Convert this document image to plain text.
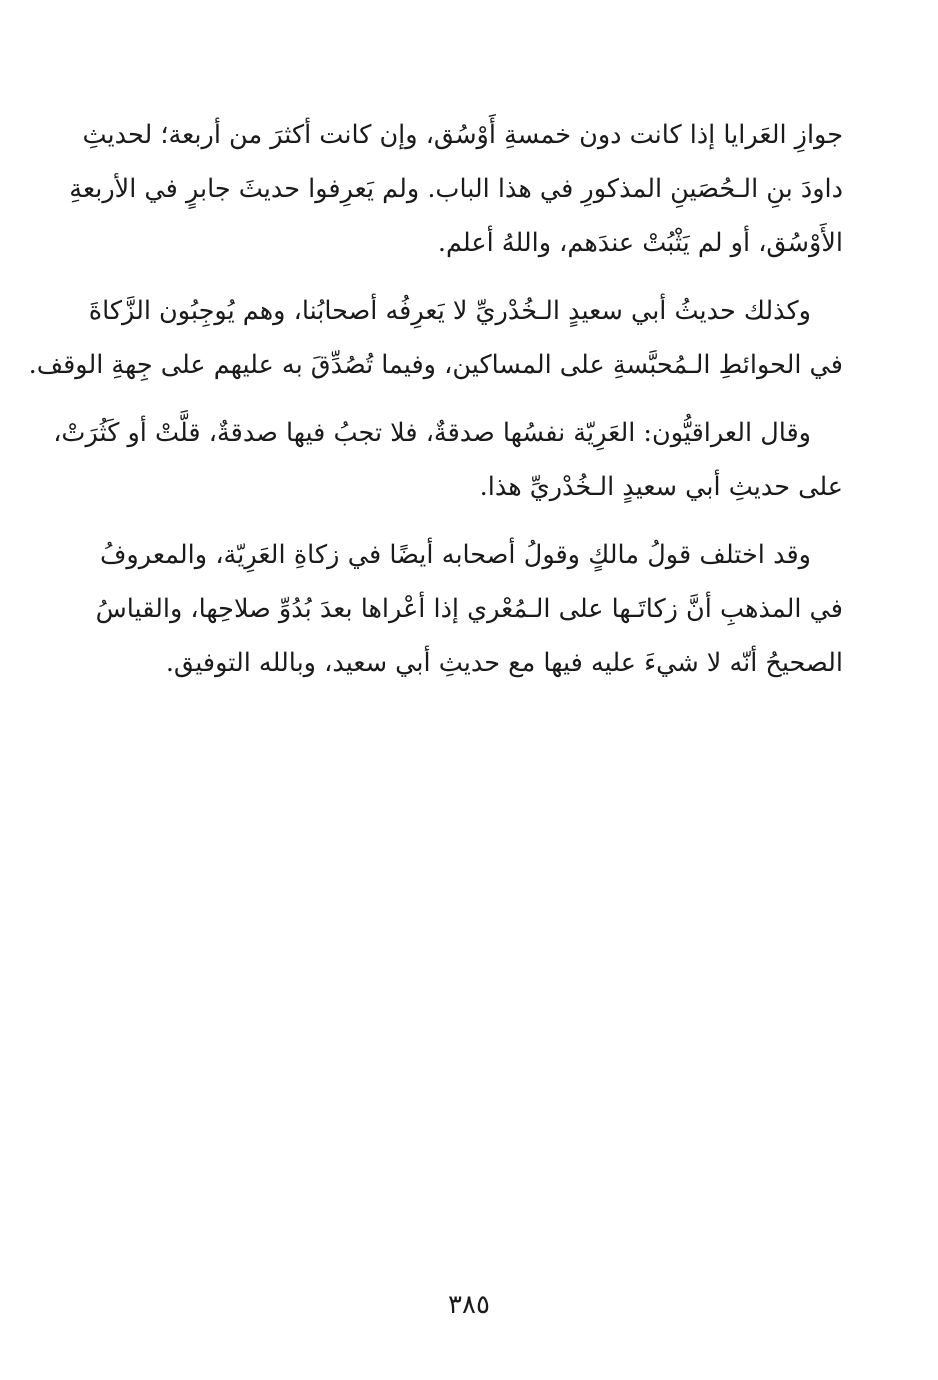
جوازِ العَرايا إذا كانت دون خمسةِ أَوْسُق، وإن كانت أكثرَ من أربعة؛ لحديثِ
داودَ بنِ الـحُصَينِ المذكورِ في هذا الباب. ولم يَعرِفوا حديثَ جابرٍ في الأربعةِ
الأَوْسُق، أو لم يَثْبُتْ عندَهم، واللهُ أعلم.

وكذلك حديثُ أبي سعيدٍ الـخُدْريِّ لا يَعرِفُه أصحابُنا، وهم يُوجِبُون الزَّكاةَ
في الحوائطِ الـمُحبَّسةِ على المساكين، وفيما تُصُدِّقَ به عليهم على جِهةِ الوقف.

وقال العراقيُّون: العَرِيّة نفسُها صدقةٌ، فلا تجبُ فيها صدقةٌ، قلَّتْ أو كَثُرَتْ،
على حديثِ أبي سعيدٍ الـخُدْريِّ هذا.

وقد اختلف قولُ مالكٍ وقولُ أصحابه أيضًا في زكاةِ العَرِيّة، والمعروفُ
في المذهبِ أنَّ زكاتَـها على الـمُعْري إذا أعْراها بعدَ بُدُوِّ صلاحِها، والقياسُ
الصحيحُ أنّه لا شيءَ عليه فيها مع حديثِ أبي سعيد، وبالله التوفيق.

٣٨٥
